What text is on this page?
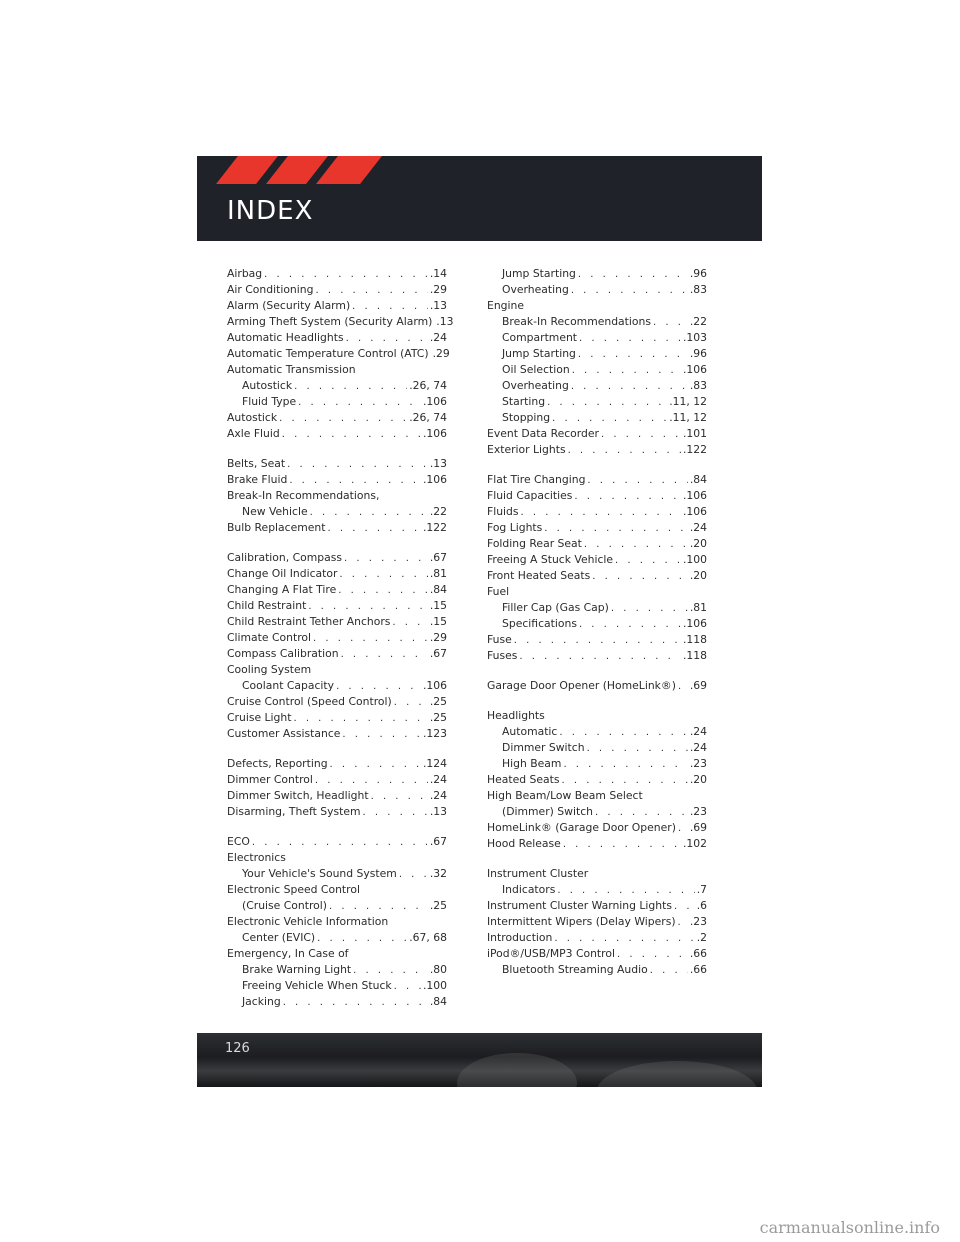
INDEX
Airbag . . .	.14
Air Conditioning . . .	.29
Alarm (Security Alarm) . . .	.13
Arming Theft System (Security Alarm) .13
Automatic Headlights . . .	.24
Automatic Temperature Control (ATC) .29
Automatic Transmission
Autostick . . .	.26, 74
Fluid Type . . .	.106
Autostick . . .	.26, 74
Axle Fluid . . .	.106
Belts, Seat . . .	.13
Brake Fluid . . .	.106
Break-In Recommendations,
New Vehicle . . .	.22
Bulb Replacement . . .	.122
Calibration, Compass . . .	.67
Change Oil Indicator . . .	.81
Changing A Flat Tire . . .	.84
Child Restraint . . .	.15
Child Restraint Tether Anchors . . .	.15
Climate Control . . .	.29
Compass Calibration . . .	.67
Cooling System
Coolant Capacity . . .	.106
Cruise Control (Speed Control) . . .	.25
Cruise Light . . .	.25
Customer Assistance . . .	.123
Defects, Reporting . . .	.124
Dimmer Control . . .	.24
Dimmer Switch, Headlight . . .	.24
Disarming, Theft System . . .	.13
ECO . . .	.67
Electronics
Your Vehicle's Sound System . . .	.32
Electronic Speed Control
(Cruise Control) . . .	.25
Electronic Vehicle Information
Center (EVIC) . . .	.67, 68
Emergency, In Case of
Brake Warning Light . . .	.80
Freeing Vehicle When Stuck . . .	.100
Jacking . . .	.84
Jump Starting . . .	.96
Overheating . . .	.83
Engine
Break-In Recommendations . . .	.22
Compartment . . .	.103
Jump Starting . . .	.96
Oil Selection . . .	.106
Overheating . . .	.83
Starting . . .	.11, 12
Stopping . . .	.11, 12
Event Data Recorder . . .	.101
Exterior Lights . . .	.122
Flat Tire Changing . . .	.84
Fluid Capacities . . .	.106
Fluids . . .	.106
Fog Lights . . .	.24
Folding Rear Seat . . .	.20
Freeing A Stuck Vehicle . . .	.100
Front Heated Seats . . .	.20
Fuel
Filler Cap (Gas Cap) . . .	.81
Specifications . . .	.106
Fuse . . .	.118
Fuses . . .	.118
Garage Door Opener (HomeLink®) . . . .69
Headlights
Automatic . . .	.24
Dimmer Switch . . .	.24
High Beam . . .	.23
Heated Seats . . .	.20
High Beam/Low Beam Select
(Dimmer) Switch . . .	.23
HomeLink® (Garage Door Opener) . . . .69
Hood Release . . .	.102
Instrument Cluster
Indicators . . .	.7
Instrument Cluster Warning Lights . . . .6
Intermittent Wipers (Delay Wipers) . . . .23
Introduction . . .	.2
iPod®/USB/MP3 Control . . .	.66
Bluetooth Streaming Audio . . .	.66
126
carmanualsonline.info
